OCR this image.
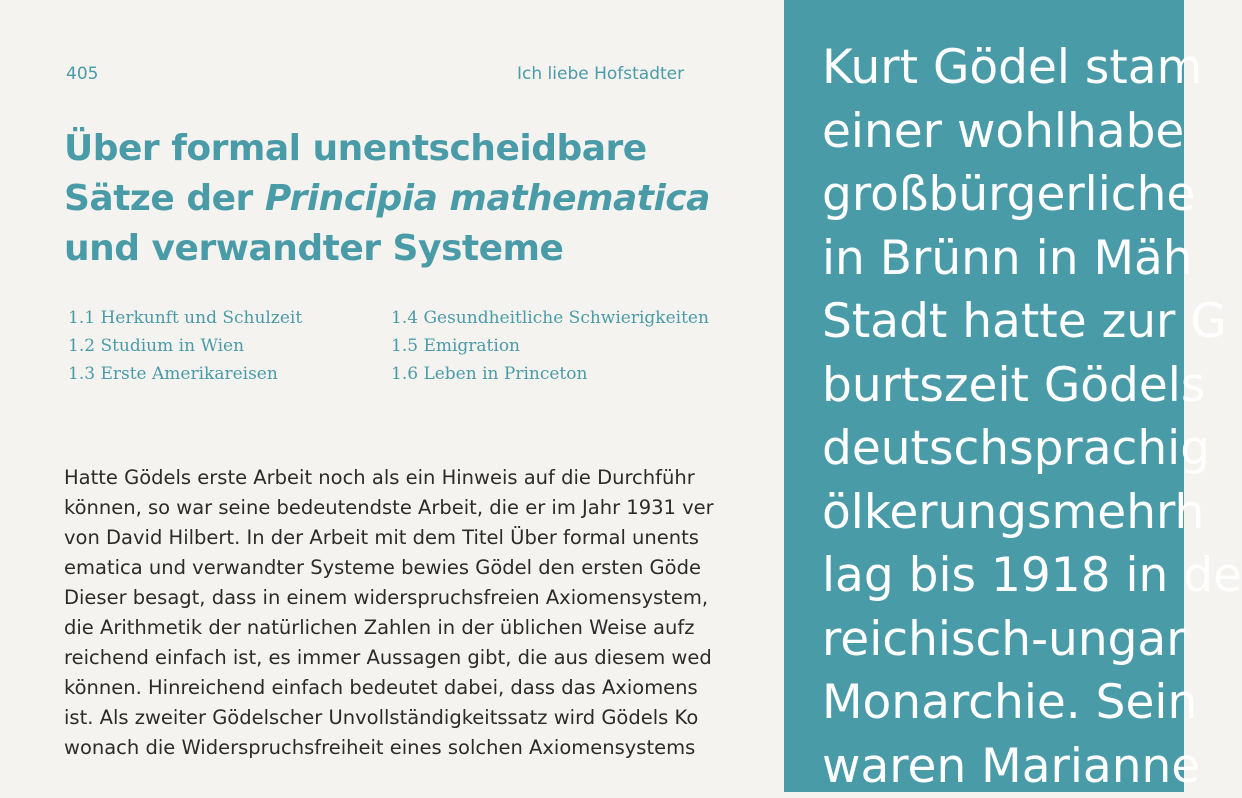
405	Ich liebe Hofstadter
Über formal unentscheidbare
Sätze der Principia mathematica
und verwandter Systeme
1.1 Herkunft und Schulzeit
1.2 Studium in Wien
1.3 Erste Amerikareisen
1.4 Gesundheitliche Schwierigkeiten
1.5 Emigration
1.6 Leben in Princeton
Hatte Gödels erste Arbeit noch als ein Hinweis auf die Durchführ
können, so war seine bedeutendste Arbeit, die er im Jahr 1931 ver
von David Hilbert. In der Arbeit mit dem Titel Über formal unents
ematica und verwandter Systeme bewies Gödel den ersten Göde
Dieser besagt, dass in einem widerspruchsfreien Axiomensystem,
die Arithmetik der natürlichen Zahlen in der üblichen Weise aufz
reichend einfach ist, es immer Aussagen gibt, die aus diesem wed
können. Hinreichend einfach bedeutet dabei, dass das Axiomens
ist. Als zweiter Gödelscher Unvollständigkeitssatz wird Gödels Ko
wonach die Widerspruchsfreiheit eines solchen Axiomensystems
Kurt Gödel stam
einer wohlhabe
großbürgerliche
in Brünn in Mäh
Stadt hatte zur G
burtszeit Gödels
deutschsprachig
ölkerungsmehrh
lag bis 1918 in de
reichisch-ungar
Monarchie. Sein
waren Marianne
